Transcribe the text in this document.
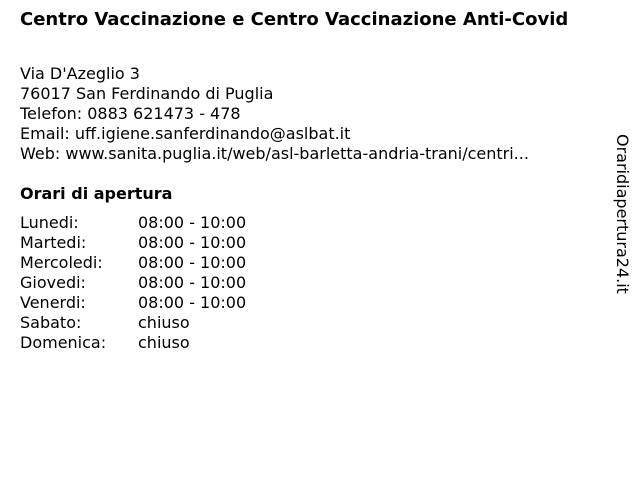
Centro Vaccinazione e Centro Vaccinazione Anti-Covid
Via D'Azeglio 3
76017 San Ferdinando di Puglia
Telefon: 0883 621473 - 478
Email: uff.igiene.sanferdinando@aslbat.it
Web: www.sanita.puglia.it/web/asl-barletta-andria-trani/centri...
Orari di apertura
Lunedi:	08:00 - 10:00
Martedi:	08:00 - 10:00
Mercoledi:	08:00 - 10:00
Giovedi:	08:00 - 10:00
Venerdi:	08:00 - 10:00
Sabato:	chiuso
Domenica:	chiuso
Oraridiapertura24.it
